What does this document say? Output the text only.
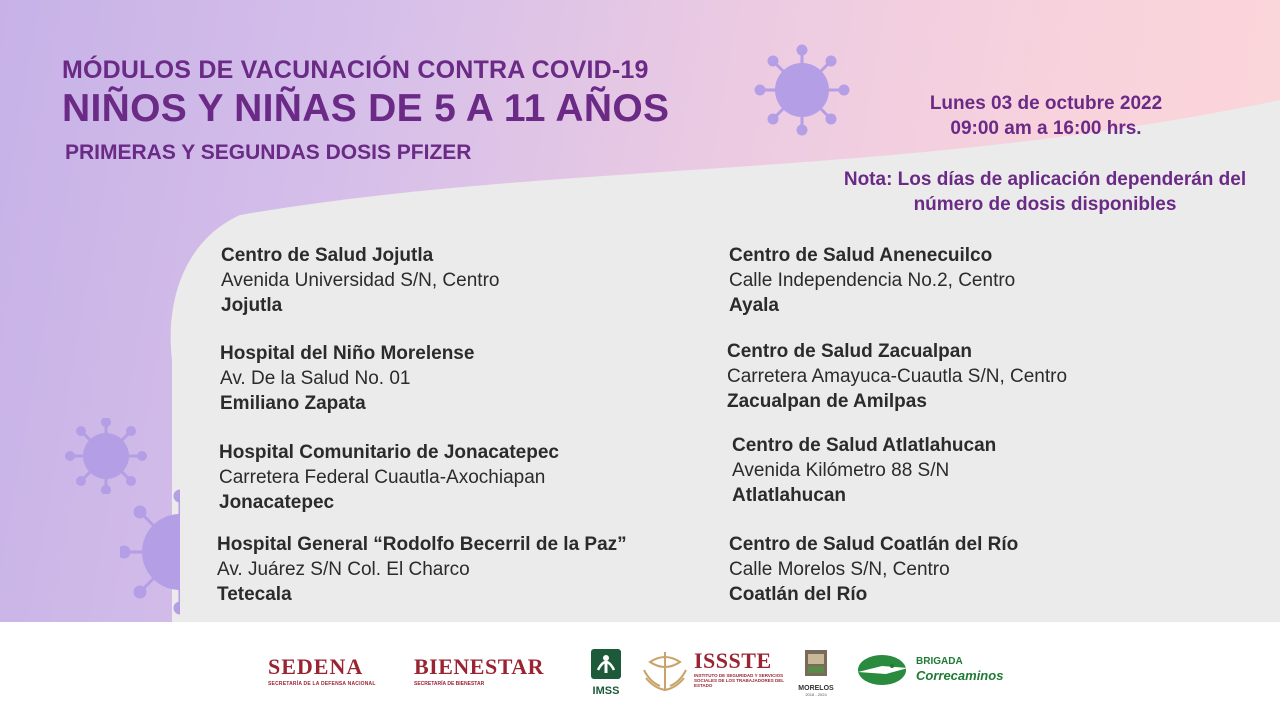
MÓDULOS DE VACUNACIÓN CONTRA COVID-19
NIÑOS Y NIÑAS DE 5 A 11 AÑOS
PRIMERAS Y SEGUNDAS DOSIS PFIZER
Lunes 03 de octubre 2022
09:00 am a 16:00 hrs.
Nota: Los días de aplicación dependerán del
número de dosis disponibles
Centro de Salud Jojutla
Avenida Universidad S/N, Centro
Jojutla
Hospital del Niño Morelense
Av. De la Salud No. 01
Emiliano Zapata
Hospital Comunitario de Jonacatepec
Carretera Federal Cuautla-Axochiapan
Jonacatepec
Hospital General “Rodolfo Becerril de la Paz”
Av. Juárez S/N Col. El Charco
Tetecala
Centro de Salud Anenecuilco
Calle Independencia No.2, Centro
Ayala
Centro de Salud Zacualpan
Carretera Amayuca-Cuautla S/N, Centro
Zacualpan de Amilpas
Centro de Salud Atlatlahucan
Avenida Kilómetro 88 S/N
Atlatlahucan
Centro de Salud Coatlán del Río
Calle Morelos S/N, Centro
Coatlán del Río
SEDENA
SECRETARÍA DE LA DEFENSA NACIONAL
BIENESTAR
SECRETARÍA DE BIENESTAR
IMSS
ISSSTE
INSTITUTO DE SEGURIDAD Y SERVICIOS SOCIALES DE LOS TRABAJADORES DEL ESTADO	MORELOS
2018 - 2024
BRIGADA
Correcaminos
